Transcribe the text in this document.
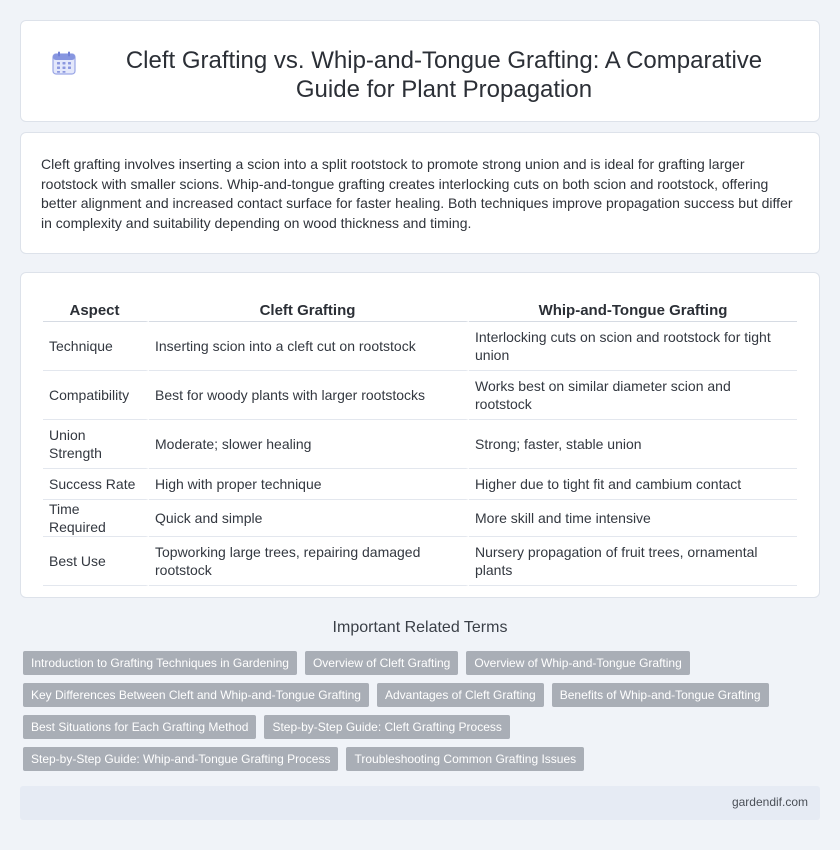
Cleft Grafting vs. Whip-and-Tongue Grafting: A Comparative Guide for Plant Propagation

Cleft grafting involves inserting a scion into a split rootstock to promote strong union and is ideal for grafting larger rootstock with smaller scions. Whip-and-tongue grafting creates interlocking cuts on both scion and rootstock, offering better alignment and increased contact surface for faster healing. Both techniques improve propagation success but differ in complexity and suitability depending on wood thickness and timing.

Aspect	Cleft Grafting	Whip-and-Tongue Grafting
Technique	Inserting scion into a cleft cut on rootstock	Interlocking cuts on scion and rootstock for tight union
Compatibility	Best for woody plants with larger rootstocks	Works best on similar diameter scion and rootstock
Union Strength	Moderate; slower healing	Strong; faster, stable union
Success Rate	High with proper technique	Higher due to tight fit and cambium contact
Time Required	Quick and simple	More skill and time intensive
Best Use	Topworking large trees, repairing damaged rootstock	Nursery propagation of fruit trees, ornamental plants
Important Related Terms
Introduction to Grafting Techniques in Gardening	Overview of Cleft Grafting	Overview of Whip-and-Tongue Grafting
Key Differences Between Cleft and Whip-and-Tongue Grafting	Advantages of Cleft Grafting	Benefits of Whip-and-Tongue Grafting
Best Situations for Each Grafting Method	Step-by-Step Guide: Cleft Grafting Process
Step-by-Step Guide: Whip-and-Tongue Grafting Process	Troubleshooting Common Grafting Issues
gardendif.com
